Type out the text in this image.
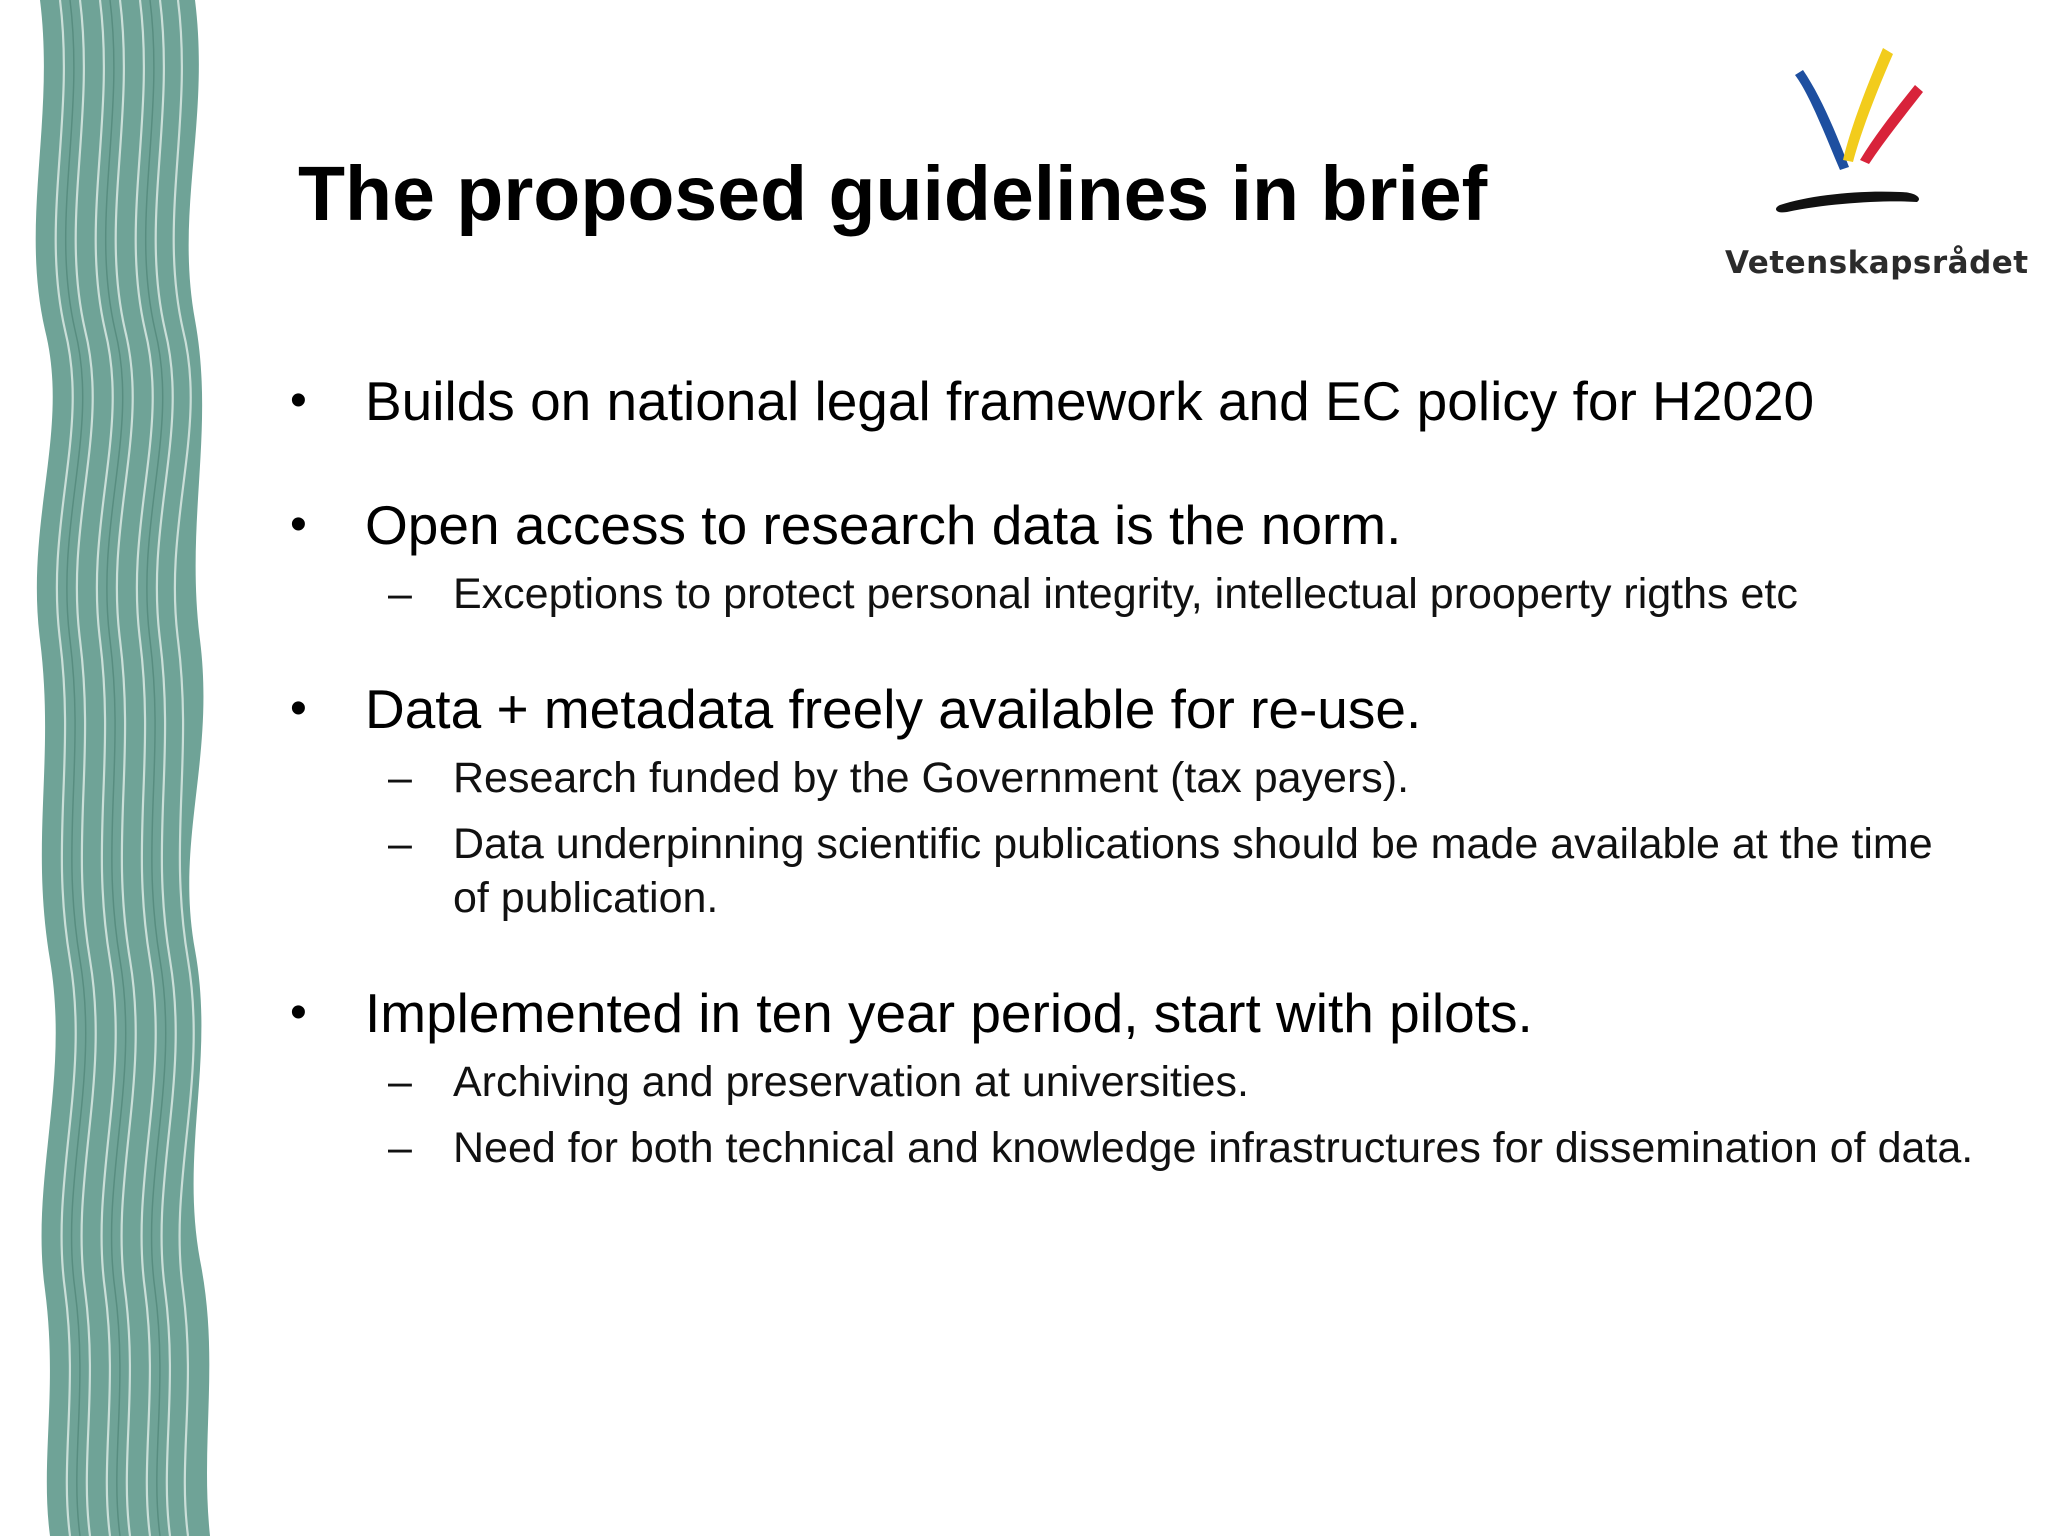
Vetenskapsrådet
The proposed guidelines in brief
• Builds on national legal framework and EC policy for H2020
• Open access to research data is the norm.
– Exceptions to protect personal integrity, intellectual prooperty rigths etc
• Data + metadata freely available for re-use.
– Research funded by the Government (tax payers).
– Data underpinning scientific publications should be made available at the time of publication.
• Implemented in ten year period, start with pilots.
– Archiving and preservation at universities.
– Need for both technical and knowledge infrastructures for dissemination of data.
